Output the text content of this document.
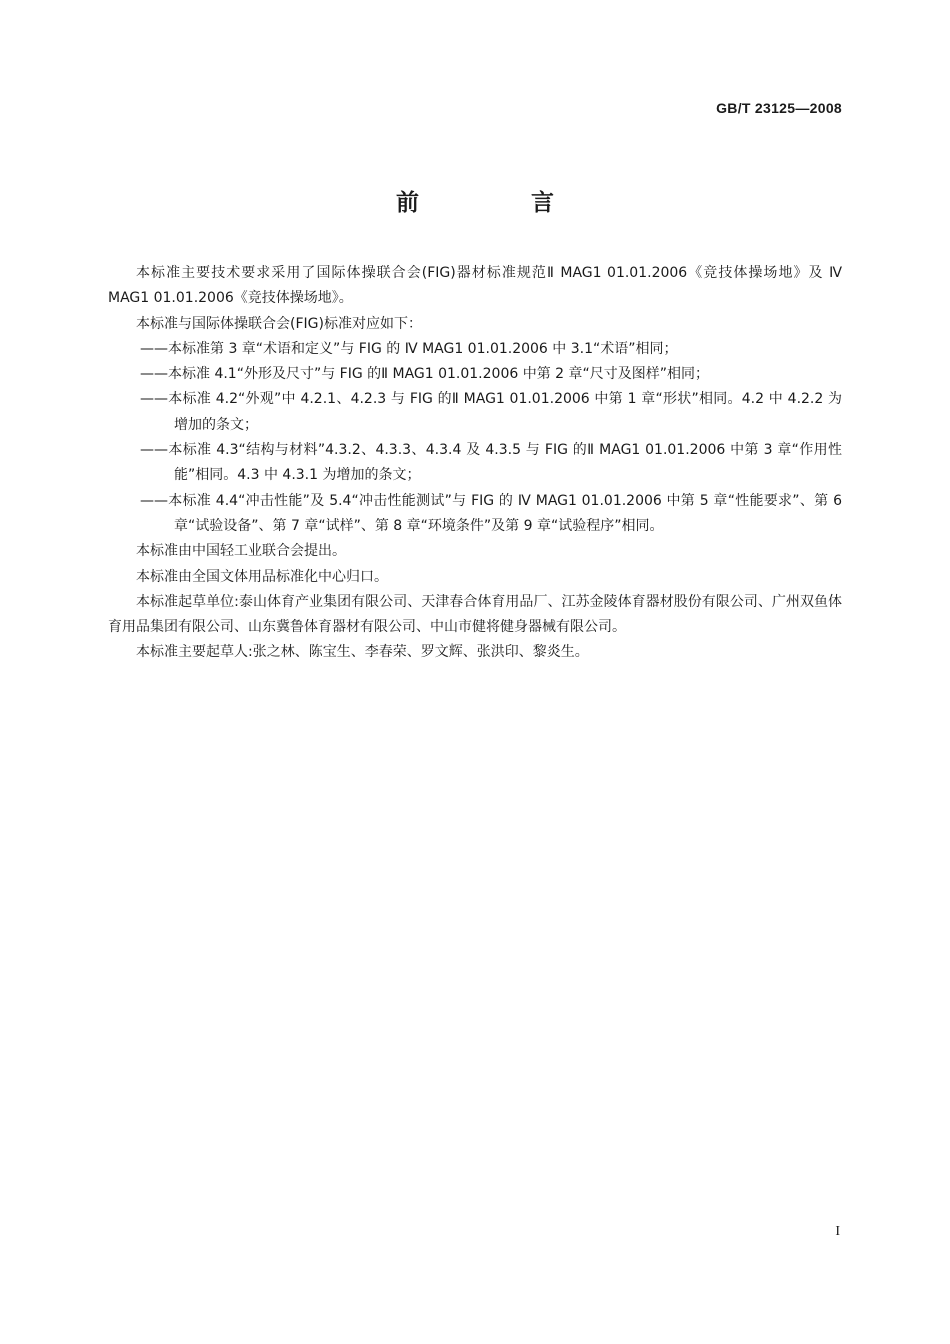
GB/T 23125—2008
前 言

本标准主要技术要求采用了国际体操联合会(FIG)器材标准规范Ⅱ MAG1 01.01.2006《竞技体操场地》及 Ⅳ MAG1 01.01.2006《竞技体操场地》。

本标准与国际体操联合会(FIG)标准对应如下：

——本标准第 3 章“术语和定义”与 FIG 的 Ⅳ MAG1 01.01.2006 中 3.1“术语”相同；

——本标准 4.1“外形及尺寸”与 FIG 的Ⅱ MAG1 01.01.2006 中第 2 章“尺寸及图样”相同；

——本标准 4.2“外观”中 4.2.1、4.2.3 与 FIG 的Ⅱ MAG1 01.01.2006 中第 1 章“形状”相同。4.2 中 4.2.2 为增加的条文；

——本标准 4.3“结构与材料”4.3.2、4.3.3、4.3.4 及 4.3.5 与 FIG 的Ⅱ MAG1 01.01.2006 中第 3 章“作用性能”相同。4.3 中 4.3.1 为增加的条文；

——本标准 4.4“冲击性能”及 5.4“冲击性能测试”与 FIG 的 Ⅳ MAG1 01.01.2006 中第 5 章“性能要求”、第 6 章“试验设备”、第 7 章“试样”、第 8 章“环境条件”及第 9 章“试验程序”相同。

本标准由中国轻工业联合会提出。

本标准由全国文体用品标准化中心归口。

本标准起草单位:泰山体育产业集团有限公司、天津春合体育用品厂、江苏金陵体育器材股份有限公司、广州双鱼体育用品集团有限公司、山东冀鲁体育器材有限公司、中山市健将健身器械有限公司。

本标准主要起草人:张之林、陈宝生、李春荣、罗文辉、张洪印、黎炎生。

I
